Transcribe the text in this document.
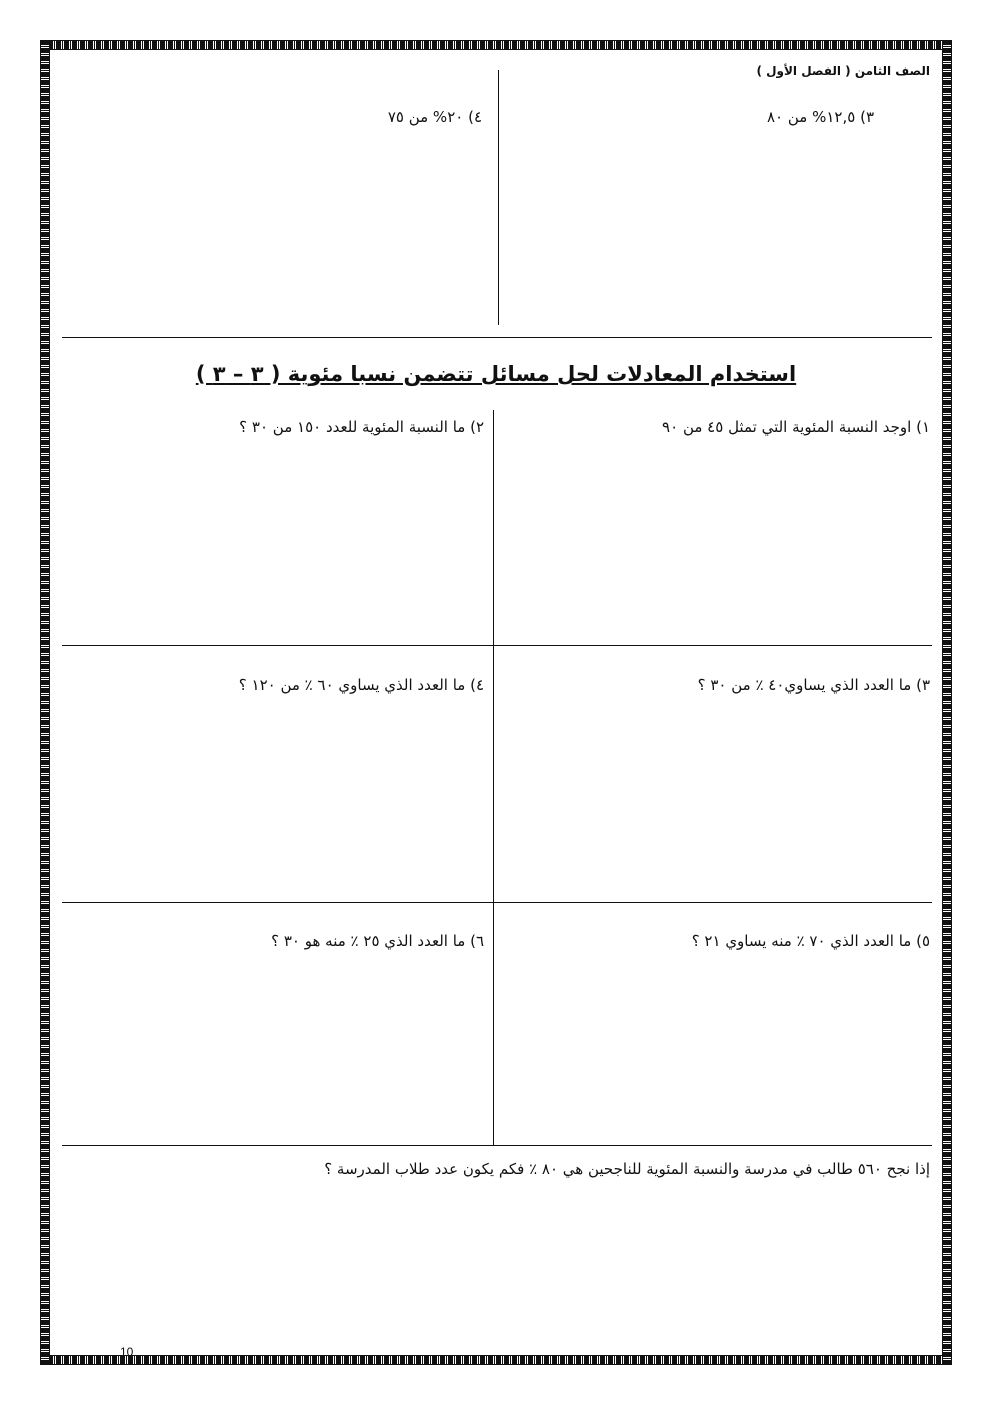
الصف الثامن ( الفصل الأول )
٣) ١٢,٥% من ٨٠
٤) ٢٠% من ٧٥
استخدام المعادلات لحل مسائل تتضمن نسبا مئوية ( ٣ – ٣ )
١) اوجد النسبة المئوية التي تمثل ٤٥ من ٩٠
٢) ما النسبة المئوية للعدد ١٥٠ من ٣٠ ؟
٣) ما العدد الذي يساوي٤٠ ٪ من ٣٠ ؟
٤) ما العدد الذي يساوي ٦٠ ٪ من ١٢٠ ؟
٥) ما العدد الذي ٧٠ ٪ منه يساوي ٢١ ؟
٦) ما العدد الذي ٢٥ ٪ منه هو ٣٠ ؟
إذا نجح ٥٦٠ طالب في مدرسة والنسبة المئوية للناجحين هي ٨٠ ٪ فكم يكون عدد طلاب المدرسة ؟
10
